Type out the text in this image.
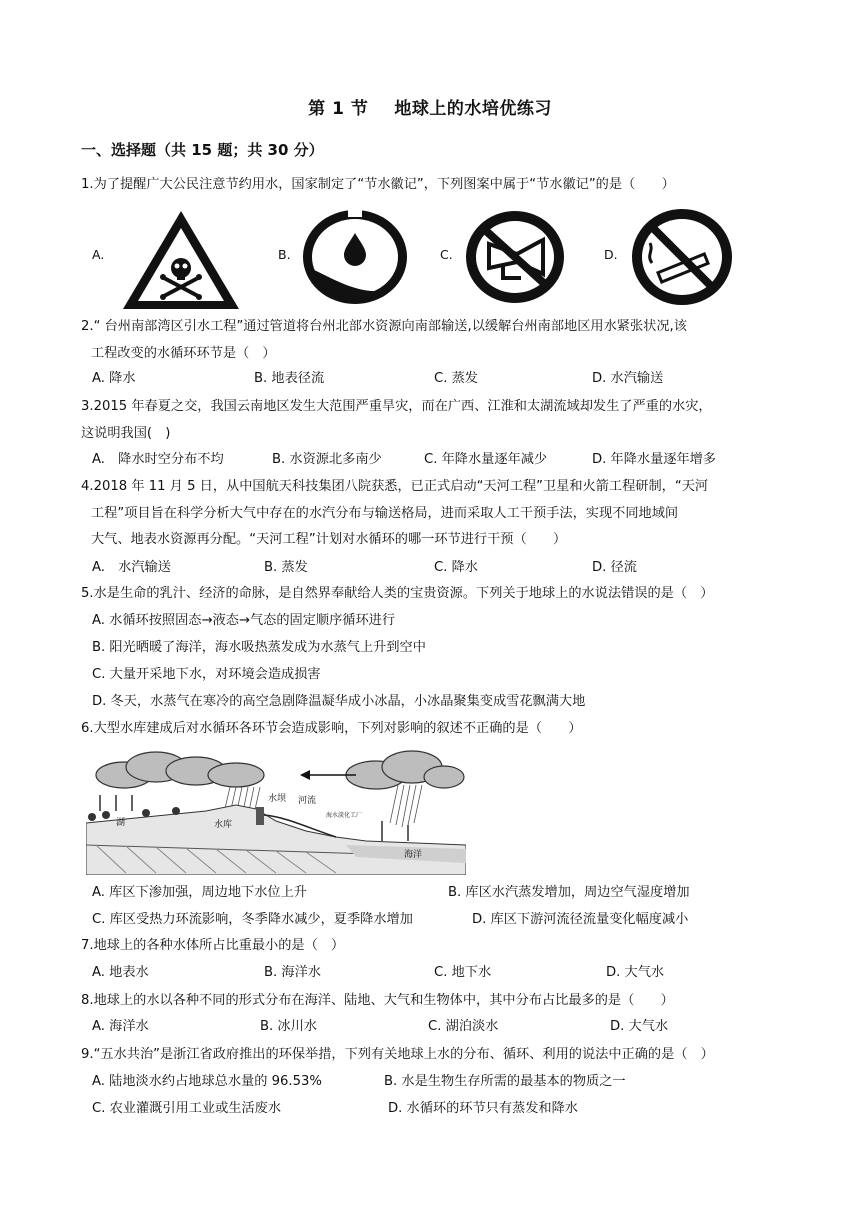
第 1 节 地球上的水培优练习
一、选择题（共 15 题；共 30 分）
1.为了提醒广大公民注意节约用水，国家制定了“节水徽记”，下列图案中属于“节水徽记”的是（　　）
A.	B.	C.	D.
2.“ 台州南部湾区引水工程”通过管道将台州北部水资源向南部输送,以缓解台州南部地区用水紧张状况,该
工程改变的水循环环节是（　）
A. 降水	B. 地表径流	C. 蒸发	D. 水汽输送
3.2015 年春夏之交，我国云南地区发生大范围严重旱灾，而在广西、江淮和太湖流域却发生了严重的水灾，
这说明我国(　)
A.　降水时空分布不均	B. 水资源北多南少	C. 年降水量逐年减少	D. 年降水量逐年增多
4.2018 年 11 月 5 日，从中国航天科技集团八院获悉，已正式启动“天河工程”卫星和火箭工程研制，“天河
工程”项目旨在科学分析大气中存在的水汽分布与输送格局，进而采取人工干预手法，实现不同地域间
大气、地表水资源再分配。“天河工程”计划对水循环的哪一环节进行干预（　　）
A.　水汽输送	B. 蒸发	C. 降水	D. 径流
5.水是生命的乳汁、经济的命脉，是自然界奉献给人类的宝贵资源。下列关于地球上的水说法错误的是（　）
A. 水循环按照固态→液态→气态的固定顺序循环进行
B. 阳光晒暖了海洋，海水吸热蒸发成为水蒸气上升到空中
C. 大量开采地下水，对环境会造成损害
D. 冬天，水蒸气在寒冷的高空急剧降温凝华成小冰晶，小冰晶聚集变成雪花飘满大地
6.大型水库建成后对水循环各环节会造成影响，下列对影响的叙述不正确的是（　　）
水坝 河流
水库
湖
海水淡化工厂
海洋
A. 库区下渗加强，周边地下水位上升	B. 库区水汽蒸发增加，周边空气湿度增加
C. 库区受热力环流影响，冬季降水减少，夏季降水增加	D. 库区下游河流径流量变化幅度减小
7.地球上的各种水体所占比重最小的是（　）
A. 地表水	B. 海洋水	C. 地下水	D. 大气水
8.地球上的水以各种不同的形式分布在海洋、陆地、大气和生物体中，其中分布占比最多的是（　　）
A. 海洋水	B. 冰川水	C. 湖泊淡水	D. 大气水
9.“五水共治”是浙江省政府推出的环保举措，下列有关地球上水的分布、循环、利用的说法中正确的是（　）
A. 陆地淡水约占地球总水量的 96.53%	B. 水是生物生存所需的最基本的物质之一
C. 农业灌溉引用工业或生活废水	D. 水循环的环节只有蒸发和降水
